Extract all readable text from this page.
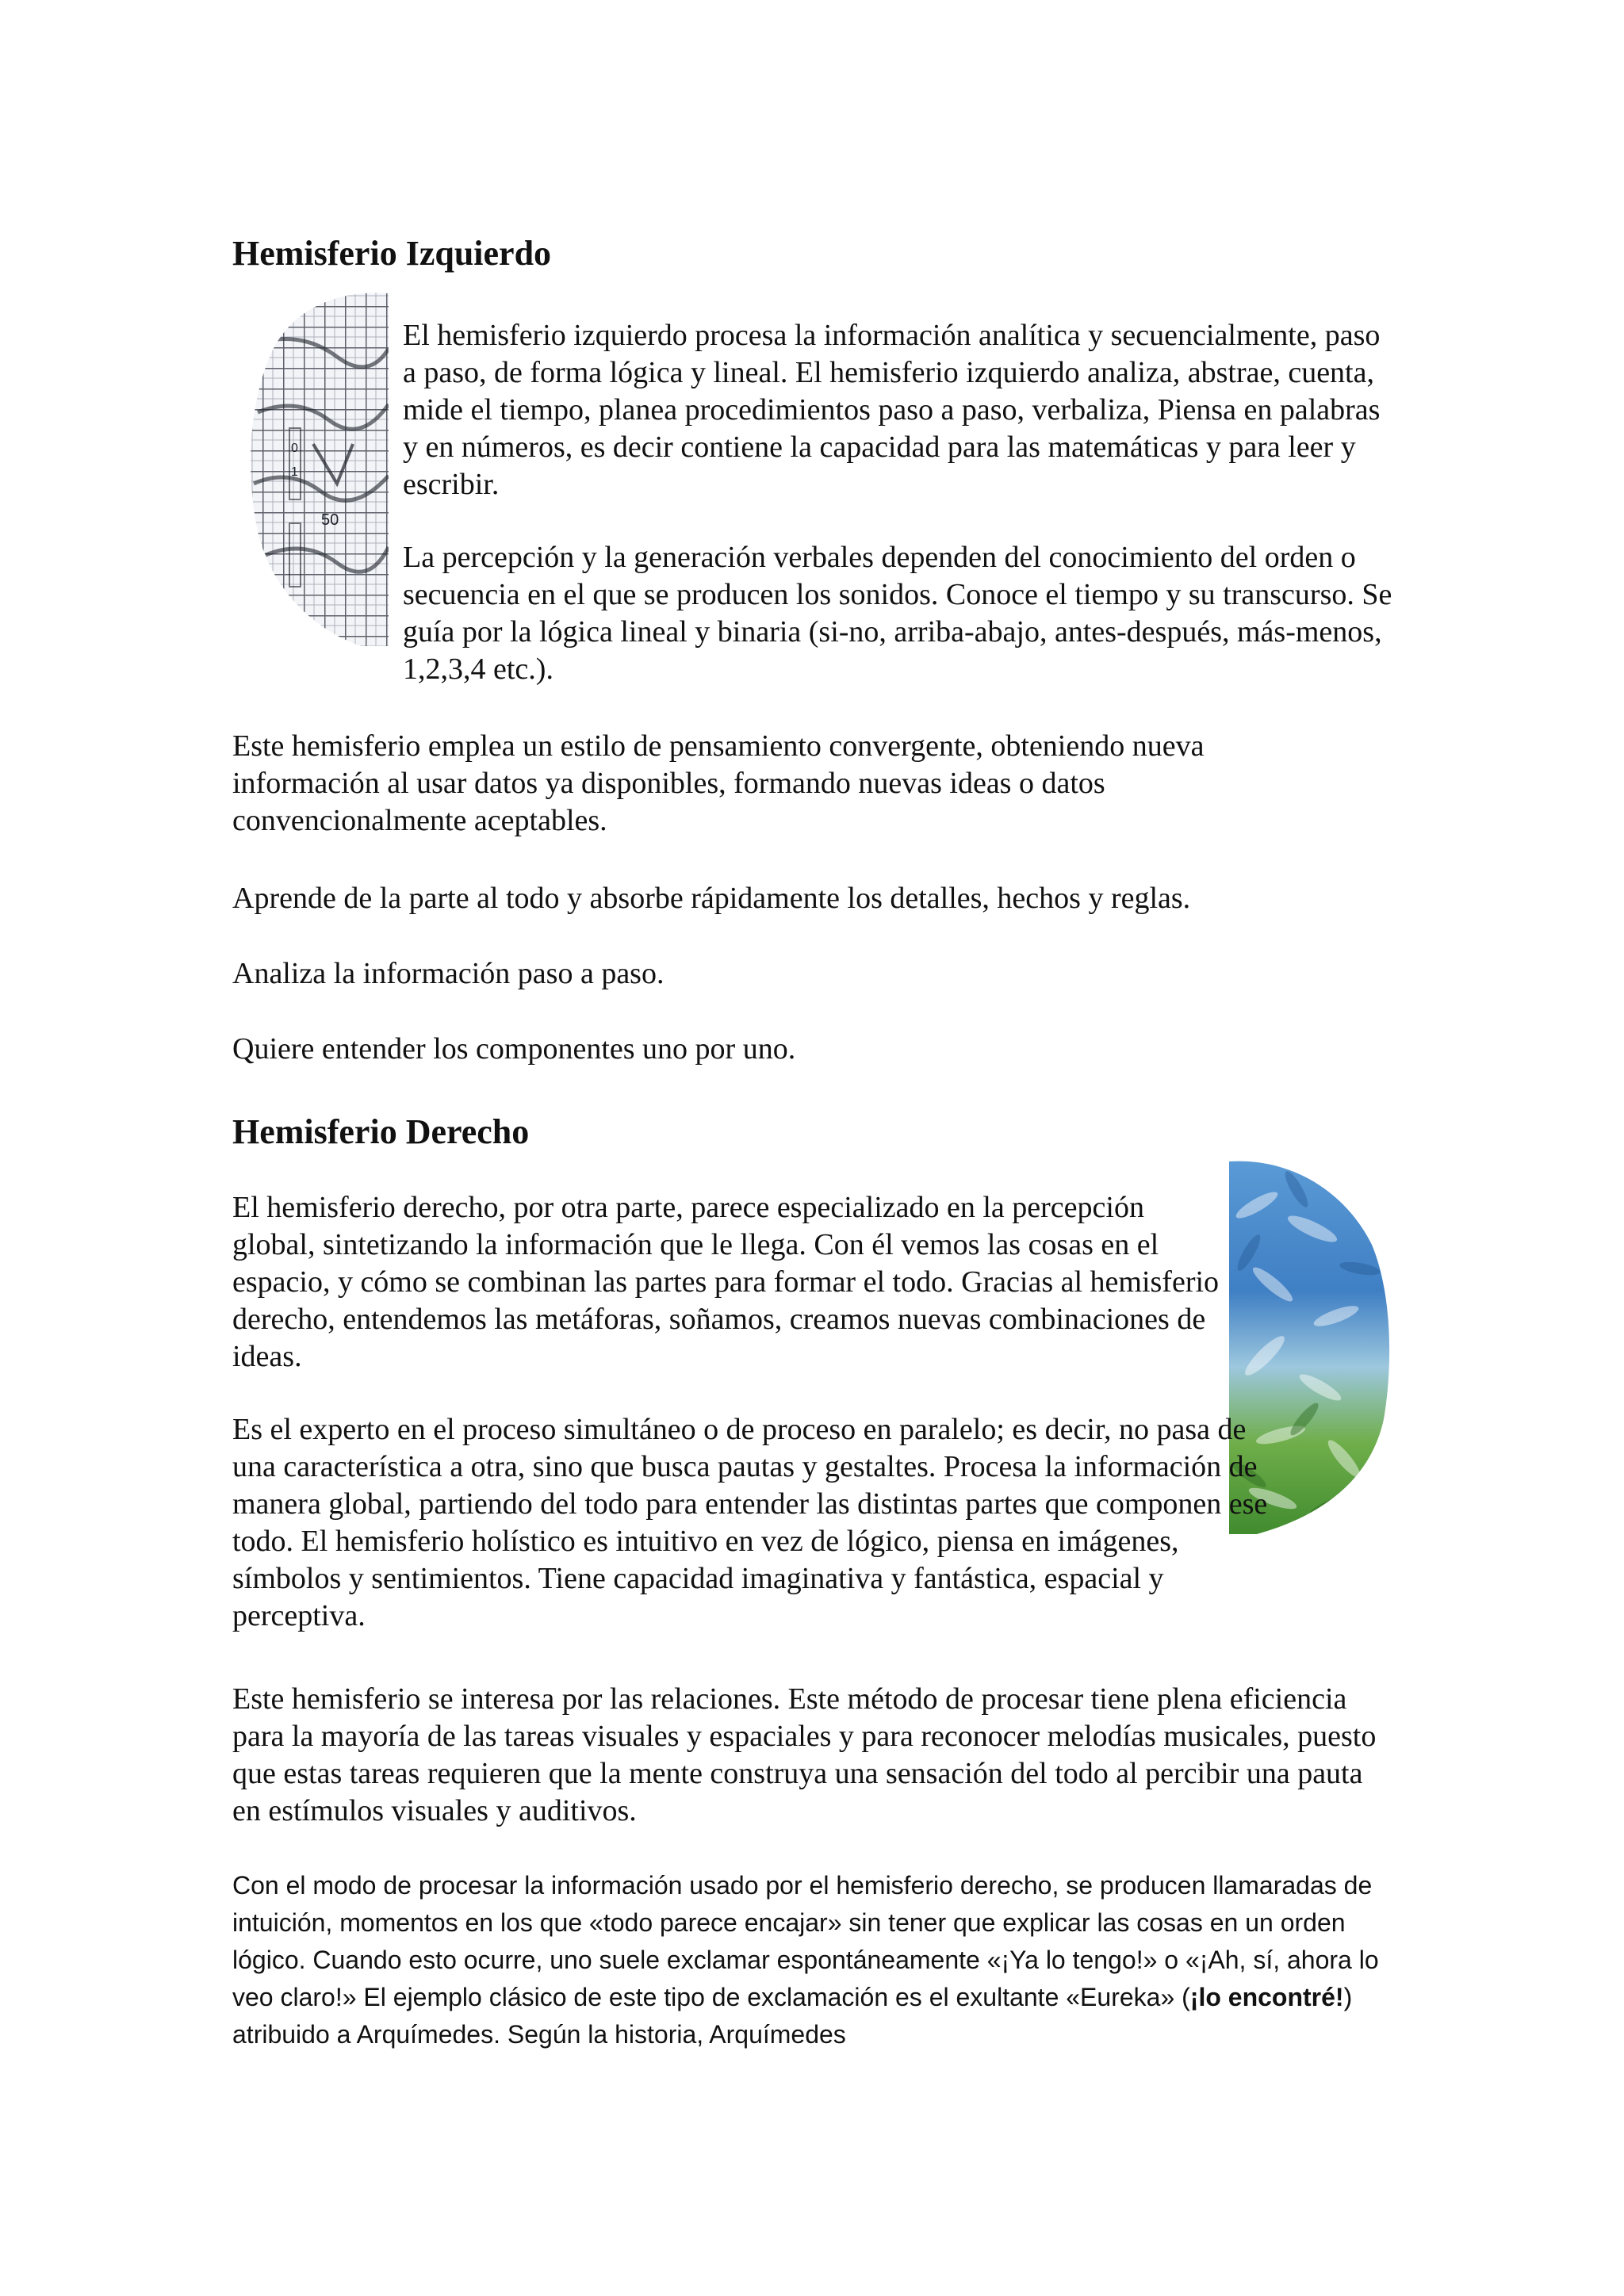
Hemisferio Izquierdo
0
1
50

El hemisferio izquierdo procesa la información analítica y secuencialmente, paso a paso, de forma lógica y lineal. El hemisferio izquierdo analiza, abstrae, cuenta, mide el tiempo, planea procedimientos paso a paso, verbaliza, Piensa en palabras y en números, es decir contiene la capacidad para las matemáticas y para leer y escribir.

La percepción y la generación verbales dependen del conocimiento del orden o secuencia en el que se producen los sonidos. Conoce el tiempo y su transcurso. Se guía por la lógica lineal y binaria (si-no, arriba-abajo, antes-después, más-menos, 1,2,3,4 etc.).

Este hemisferio emplea un estilo de pensamiento convergente, obteniendo nueva información al usar datos ya disponibles, formando nuevas ideas o datos convencionalmente aceptables.

Aprende de la parte al todo y absorbe rápidamente los detalles, hechos y reglas.

Analiza la información paso a paso.

Quiere entender los componentes uno por uno.

Hemisferio Derecho

El hemisferio derecho, por otra parte, parece especializado en la percepción global, sintetizando la información que le llega. Con él vemos las cosas en el espacio, y cómo se combinan las partes para formar el todo. Gracias al hemisferio derecho, entendemos las metáforas, soñamos, creamos nuevas combinaciones de ideas.

Es el experto en el proceso simultáneo o de proceso en paralelo; es decir, no pasa de una característica a otra, sino que busca pautas y gestaltes. Procesa la información de manera global, partiendo del todo para entender las distintas partes que componen ese todo. El hemisferio holístico es intuitivo en vez de lógico, piensa en imágenes, símbolos y sentimientos. Tiene capacidad imaginativa y fantástica, espacial y perceptiva.

Este hemisferio se interesa por las relaciones. Este método de procesar tiene plena eficiencia para la mayoría de las tareas visuales y espaciales y para reconocer melodías musicales, puesto que estas tareas requieren que la mente construya una sensación del todo al percibir una pauta en estímulos visuales y auditivos.

Con el modo de procesar la información usado por el hemisferio derecho, se producen llamaradas de intuición, momentos en los que «todo parece encajar» sin tener que explicar las cosas en un orden lógico. Cuando esto ocurre, uno suele exclamar espontáneamente «¡Ya lo tengo!» o «¡Ah, sí, ahora lo veo claro!» El ejemplo clásico de este tipo de exclamación es el exultante «Eureka» (¡lo encontré!) atribuido a Arquímedes. Según la historia, Arquímedes
